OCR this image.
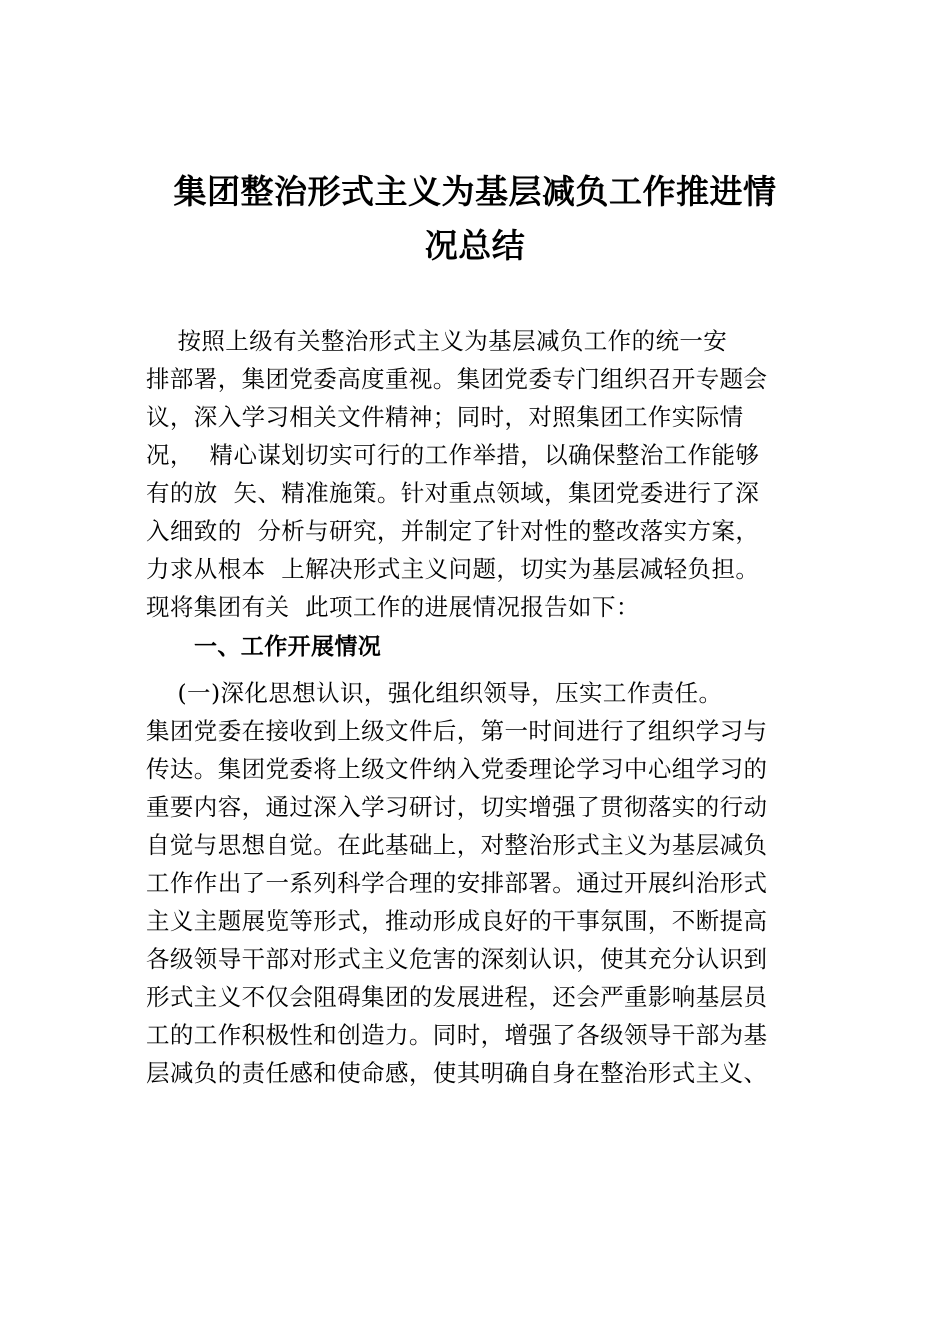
集团整治形式主义为基层减负工作推进情
况总结

按照上级有关整治形式主义为基层减负工作的统一安

排部署，集团党委高度重视。集团党委专门组织召开专题会

议，深入学习相关文件精神；同时，对照集团工作实际情

况，  精心谋划切实可行的工作举措，以确保整治工作能够

有的放  矢、精准施策。针对重点领域，集团党委进行了深

入细致的  分析与研究，并制定了针对性的整改落实方案，

力求从根本  上解决形式主义问题，切实为基层减轻负担。

现将集团有关  此项工作的进展情况报告如下：

一、工作开展情况

(一)深化思想认识，强化组织领导，压实工作责任。

集团党委在接收到上级文件后，第一时间进行了组织学习与

传达。集团党委将上级文件纳入党委理论学习中心组学习的

重要内容，通过深入学习研讨，切实增强了贯彻落实的行动

自觉与思想自觉。在此基础上，对整治形式主义为基层减负

工作作出了一系列科学合理的安排部署。通过开展纠治形式

主义主题展览等形式，推动形成良好的干事氛围，不断提高

各级领导干部对形式主义危害的深刻认识，使其充分认识到

形式主义不仅会阻碍集团的发展进程，还会严重影响基层员

工的工作积极性和创造力。同时，增强了各级领导干部为基

层减负的责任感和使命感，使其明确自身在整治形式主义、
